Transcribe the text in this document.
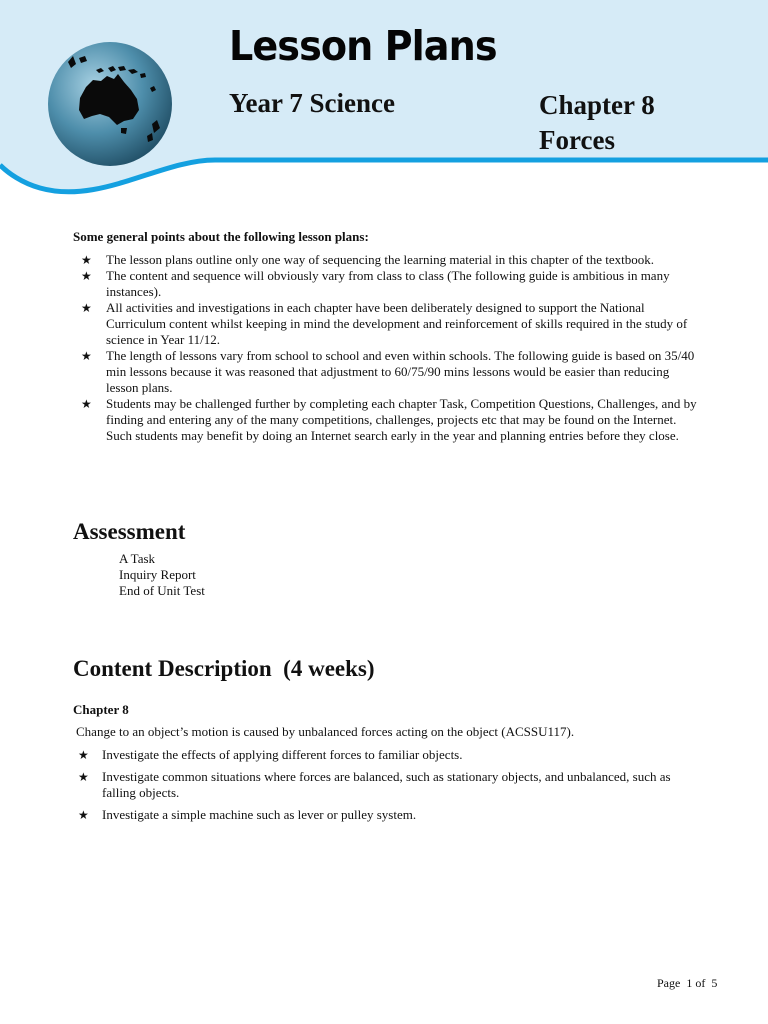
Lesson Plans
Year 7 Science	Chapter 8
Forces
Some general points about the following lesson plans:
★ The lesson plans outline only one way of sequencing the learning material in this chapter of the textbook.
★ The content and sequence will obviously vary from class to class (The following guide is ambitious in many instances).
★ All activities and investigations in each chapter have been deliberately designed to support the National Curriculum content whilst keeping in mind the development and reinforcement of skills required in the study of science in Year 11/12.
★ The length of lessons vary from school to school and even within schools. The following guide is based on 35/40 min lessons because it was reasoned that adjustment to 60/75/90 mins lessons would be easier than reducing lesson plans.
★ Students may be challenged further by completing each chapter Task, Competition Questions, Challenges, and by finding and entering any of the many competitions, challenges, projects etc that may be found on the Internet. Such students may benefit by doing an Internet search early in the year and planning entries before they close.
Assessment
A Task
Inquiry Report
End of Unit Test
Content Description  (4 weeks)
Chapter 8
Change to an object’s motion is caused by unbalanced forces acting on the object (ACSSU117).
★ Investigate the effects of applying different forces to familiar objects.
★ Investigate common situations where forces are balanced, such as stationary objects, and unbalanced, such as falling objects.
★ Investigate a simple machine such as lever or pulley system.
Page 1 of 5
